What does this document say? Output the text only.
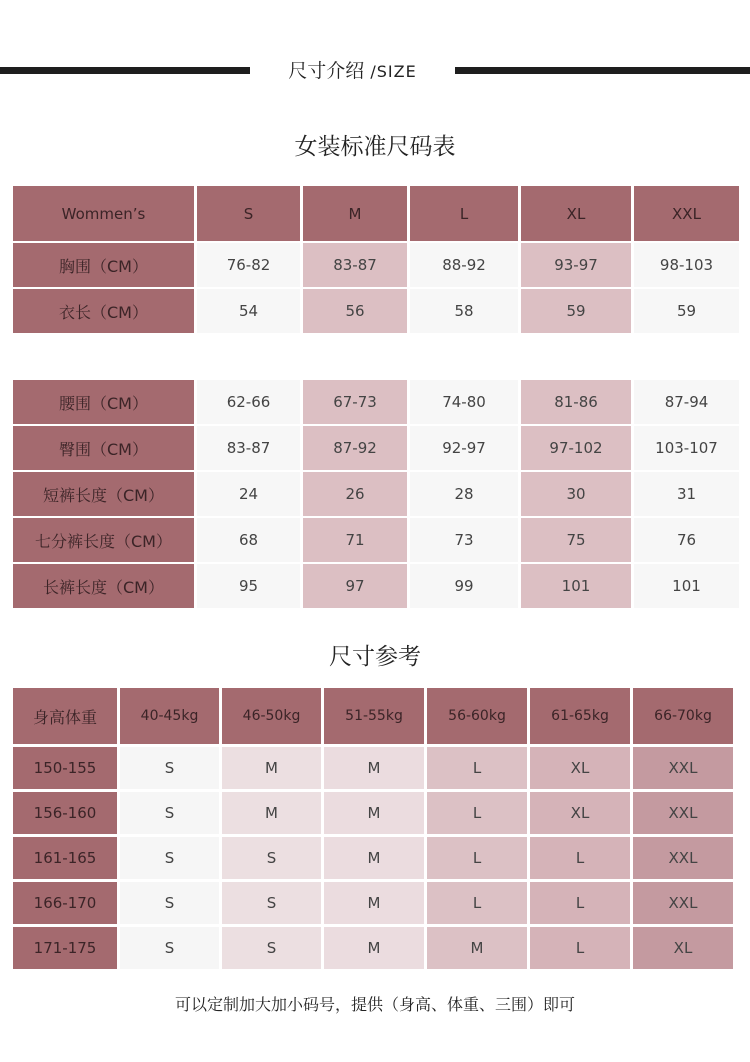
尺寸介绍 /SIZE
女装标准尺码表
Wommen’s	S	M	L	XL	XXL
胸围（CM）	76-82	83-87	88-92	93-97	98-103
衣长（CM）	54	56	58	59	59
腰围（CM）	62-66	67-73	74-80	81-86	87-94
臀围（CM）	83-87	87-92	92-97	97-102	103-107
短裤长度（CM）	24	26	28	30	31
七分裤长度（CM）	68	71	73	75	76
长裤长度（CM）	95	97	99	101	101
尺寸参考
身高体重	40-45kg	46-50kg	51-55kg	56-60kg	61-65kg	66-70kg
150-155	S	M	M	L	XL	XXL
156-160	S	M	M	L	XL	XXL
161-165	S	S	M	L	L	XXL
166-170	S	S	M	L	L	XXL
171-175	S	S	M	M	L	XL
可以定制加大加小码号，提供（身高、体重、三围）即可
